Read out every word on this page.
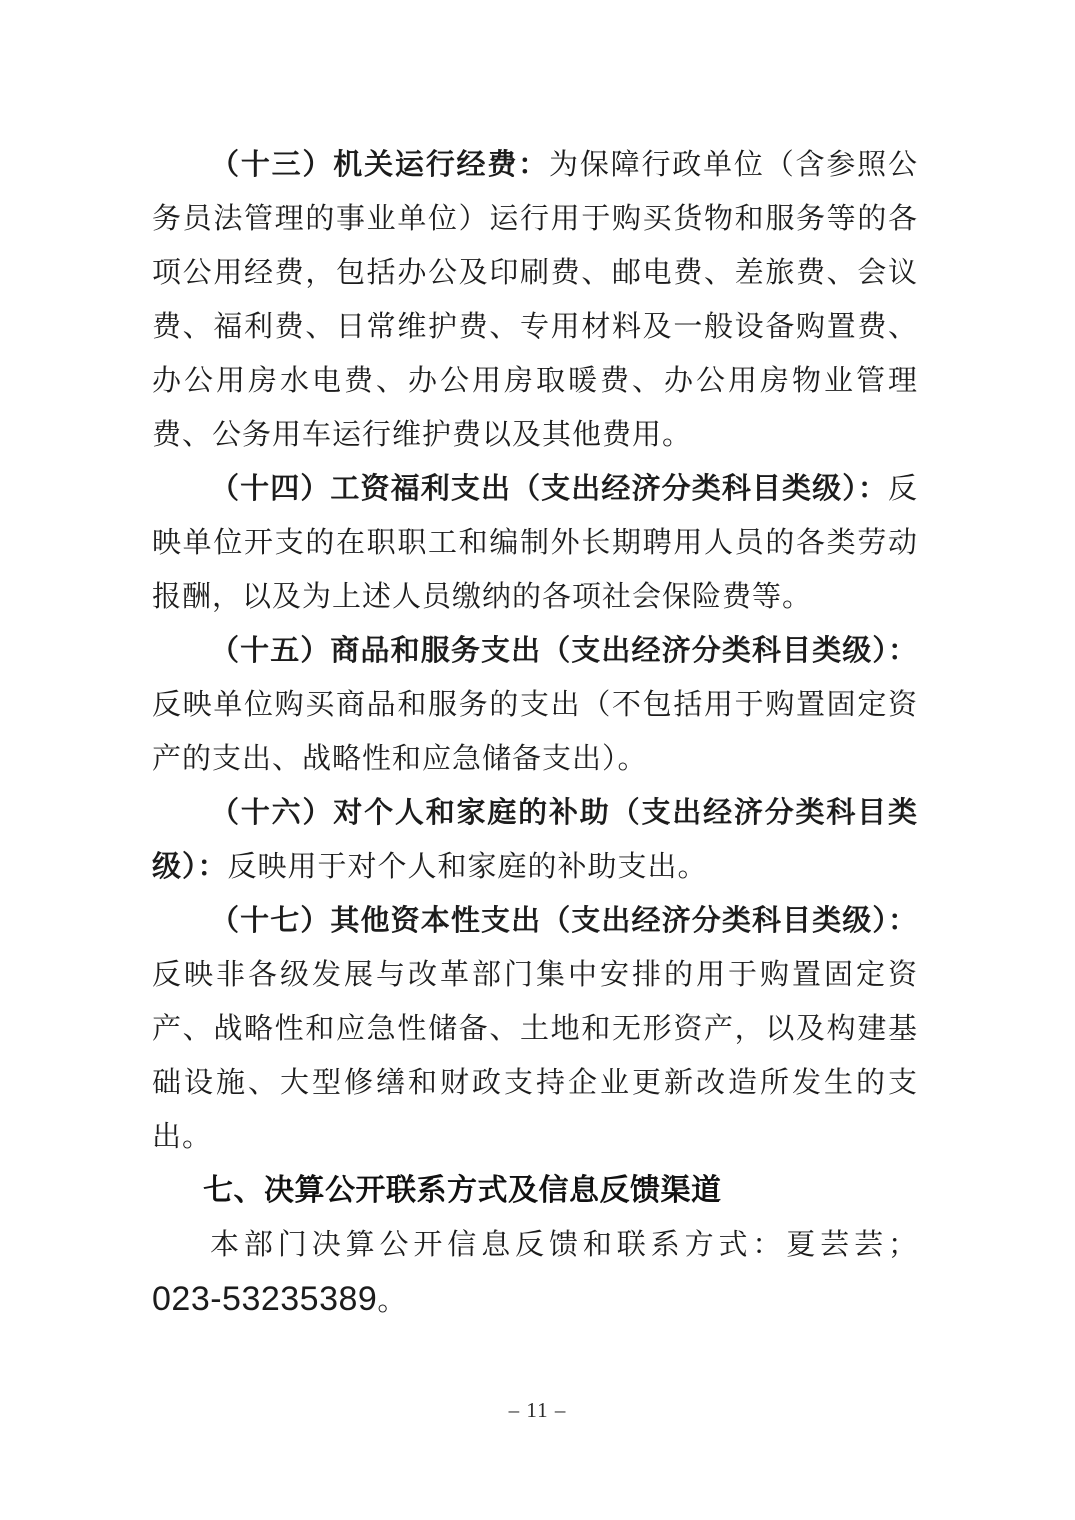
（十三）机关运行经费：为保障行政单位（含参照公务员法管理的事业单位）运行用于购买货物和服务等的各项公用经费，包括办公及印刷费、邮电费、差旅费、会议费、福利费、日常维护费、专用材料及一般设备购置费、办公用房水电费、办公用房取暖费、办公用房物业管理费、公务用车运行维护费以及其他费用。

（十四）工资福利支出（支出经济分类科目类级）：反映单位开支的在职职工和编制外长期聘用人员的各类劳动报酬，以及为上述人员缴纳的各项社会保险费等。

（十五）商品和服务支出（支出经济分类科目类级）：反映单位购买商品和服务的支出（不包括用于购置固定资产的支出、战略性和应急储备支出）。

（十六）对个人和家庭的补助（支出经济分类科目类级）：反映用于对个人和家庭的补助支出。

（十七）其他资本性支出（支出经济分类科目类级）：反映非各级发展与改革部门集中安排的用于购置固定资产、战略性和应急性储备、土地和无形资产，以及构建基础设施、大型修缮和财政支持企业更新改造所发生的支出。

七、决算公开联系方式及信息反馈渠道

本部门决算公开信息反馈和联系方式：夏芸芸；023-53235389。

– 11 –
